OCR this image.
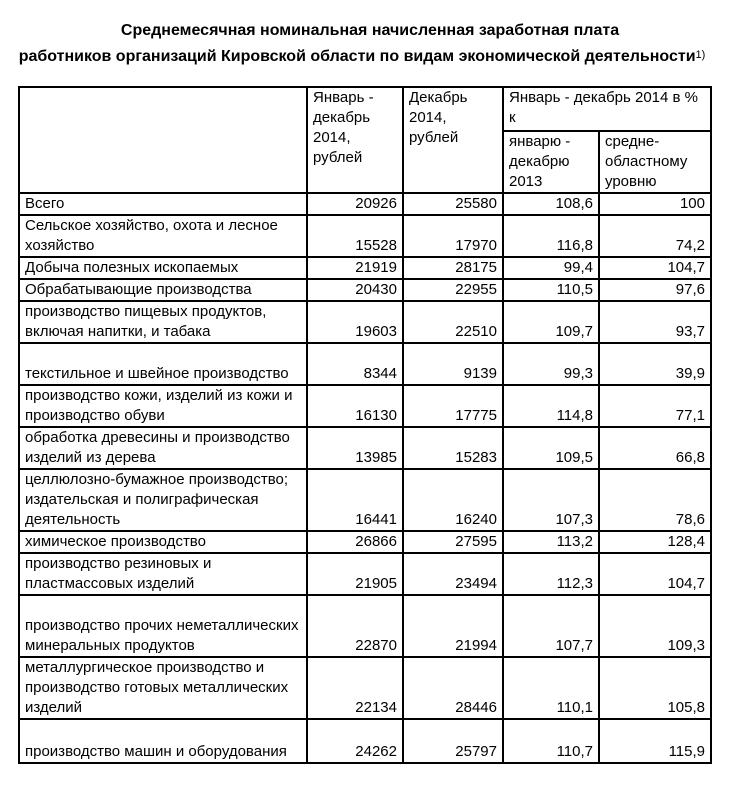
Среднемесячная номинальная начисленная заработная плата

работников организаций Кировской области по видам экономической деятельности$^{1)}$
	Январь - декабрь 2014, рублей	Декабрь 2014, рублей	Январь - декабрь 2014 в % к	
			январю - декабрю 2013	средне-областному уровню
Всего	20926	25580	108,6	100
Сельское хозяйство, охота и лесное хозяйство	15528	17970	116,8	74,2
Добыча полезных ископаемых	21919	28175	99,4	104,7
Обрабатывающие производства	20430	22955	110,5	97,6
производство пищевых продуктов, включая напитки, и табака	19603	22510	109,7	93,7
текстильное и швейное производство	8344	9139	99,3	39,9
производство кожи, изделий из кожи и производство обуви	16130	17775	114,8	77,1
обработка древесины и производство изделий из дерева	13985	15283	109,5	66,8
целлюлозно-бумажное производство; издательская и полиграфическая деятельность	16441	16240	107,3	78,6
химическое производство	26866	27595	113,2	128,4
производство резиновых и пластмассовых изделий	21905	23494	112,3	104,7
производство прочих неметаллических минеральных продуктов	22870	21994	107,7	109,3
металлургическое производство и производство готовых металлических изделий	22134	28446	110,1	105,8
производство машин и оборудования	24262	25797	110,7	115,9
